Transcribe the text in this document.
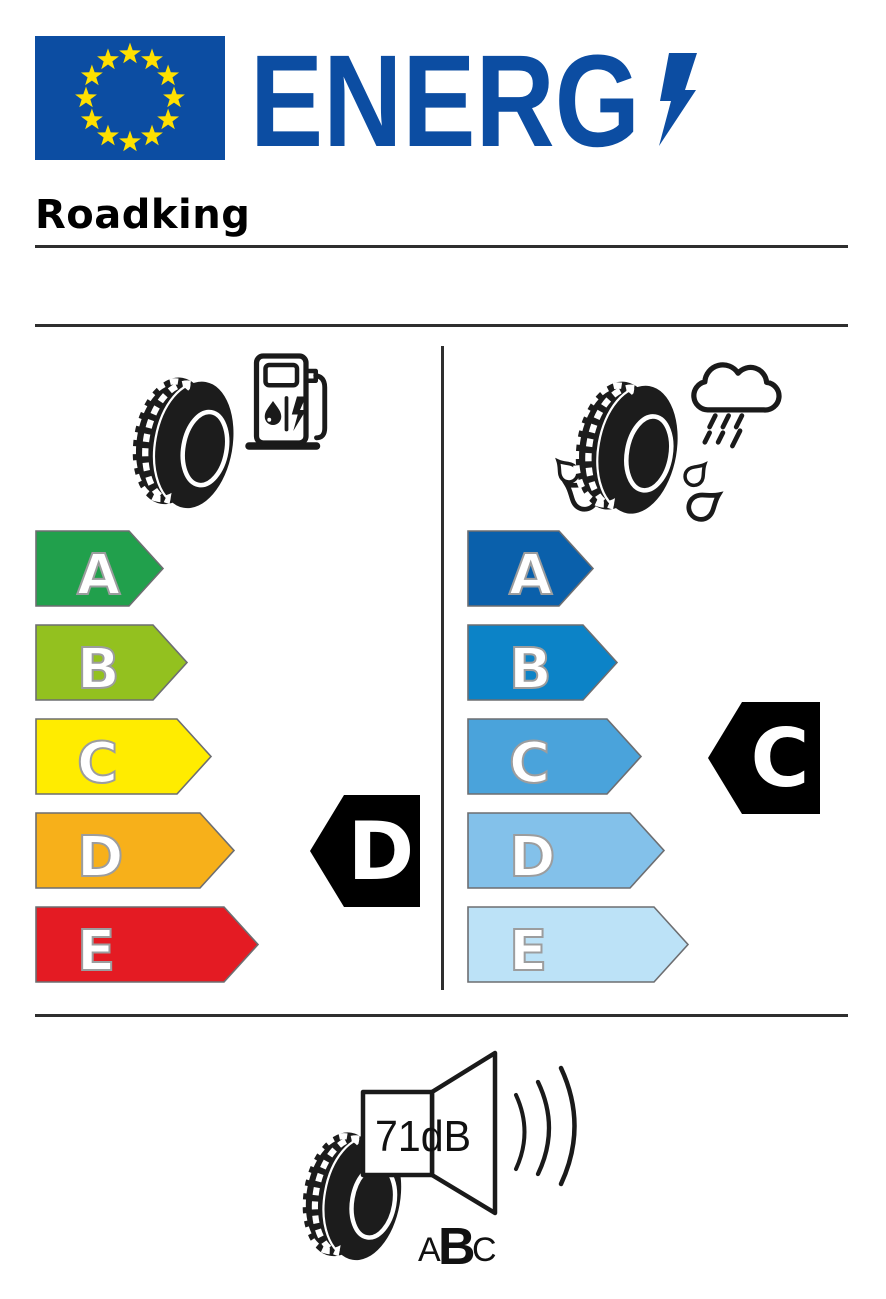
ENERG
Roadking
A
B
C
D
E
A
B
C
D
E
D
C
71dB
A
B
C
